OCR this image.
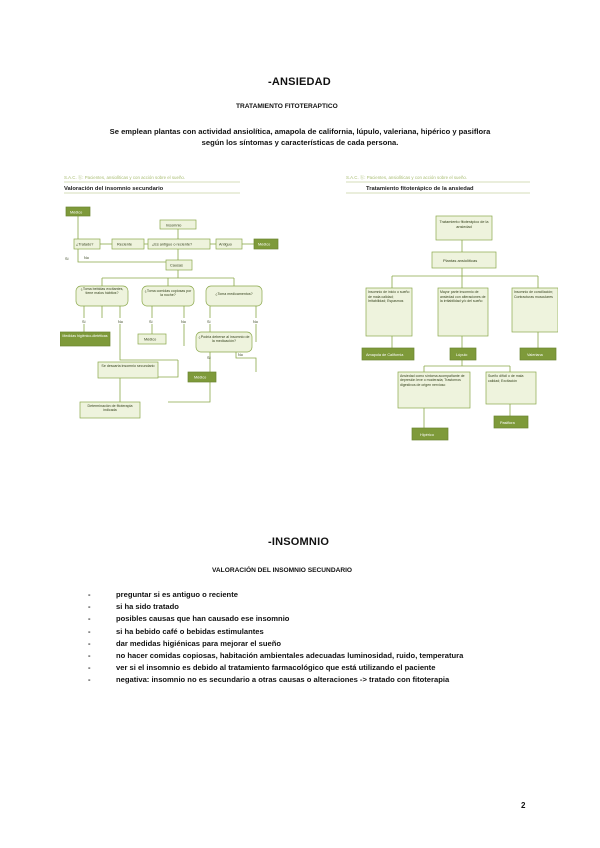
-ANSIEDAD
TRATAMIENTO FITOTERAPTICO
Se emplean plantas con actividad ansiolítica, amapola de california, lúpulo, valeriana, hipérico y pasiflora
según los síntomas y características de cada persona.
S.A.C. ⓑ: Pacientes, ansiolíticas y con acción sobre el sueño.
Valoración del insomnio secundario
Médico
Insomnio
¿Tratado?	Reciente	¿Es antiguo o reciente?	Antiguo	Médico
No
Sí
Causas
¿Toma bebidas excitantes, tiene malos hábitos?
¿Toma comidas copiosas por la noche?	¿Toma medicamentos?
Sí	No	Sí	No	Sí	No
Medidas higiénico-dietéticas
Médico
¿Podría deberse al insomnio de la medicación?
Sí
No
Se descarta insomnio secundario
Médico
Determinación de fitoterapia indicada
S.A.C. ⓑ: Pacientes, ansiolíticas y con acción sobre el sueño.
Tratamiento fitoterápico de la ansiedad
Tratamiento fitoterápico de la ansiedad
Plantas ansiolíticas
Insomnio de inicio o sueño de mala calidad; Irritabilidad; Espasmos
Mayor parte insomnio de ansiedad con alteraciones de la irritabilidad y/o del sueño
Insomnio de conciliación; Contracturas musculares
Amapola de California	Lúpulo	Valeriana
Ansiedad como síntoma acompañante de depresión leve o moderada; Trastornos digestivos de origen nervioso
Sueño difícil o de mala calidad; Excitación
Hipérico
Pasiflora
-INSOMNIO
VALORACIÓN DEL INSOMNIO SECUNDARIO
-	preguntar si es antiguo o reciente
-	si ha sido tratado
-	posibles causas que han causado ese insomnio
-	si ha bebido café o bebidas estimulantes
-	dar medidas higiénicas para mejorar el sueño
-	no hacer comidas copiosas, habitación ambientales adecuadas luminosidad, ruido, temperatura
-	ver si el insomnio es debido al tratamiento farmacológico que está utilizando el paciente
-	negativa: insomnio no es secundario a otras causas o alteraciones -> tratado con fitoterapia
2
